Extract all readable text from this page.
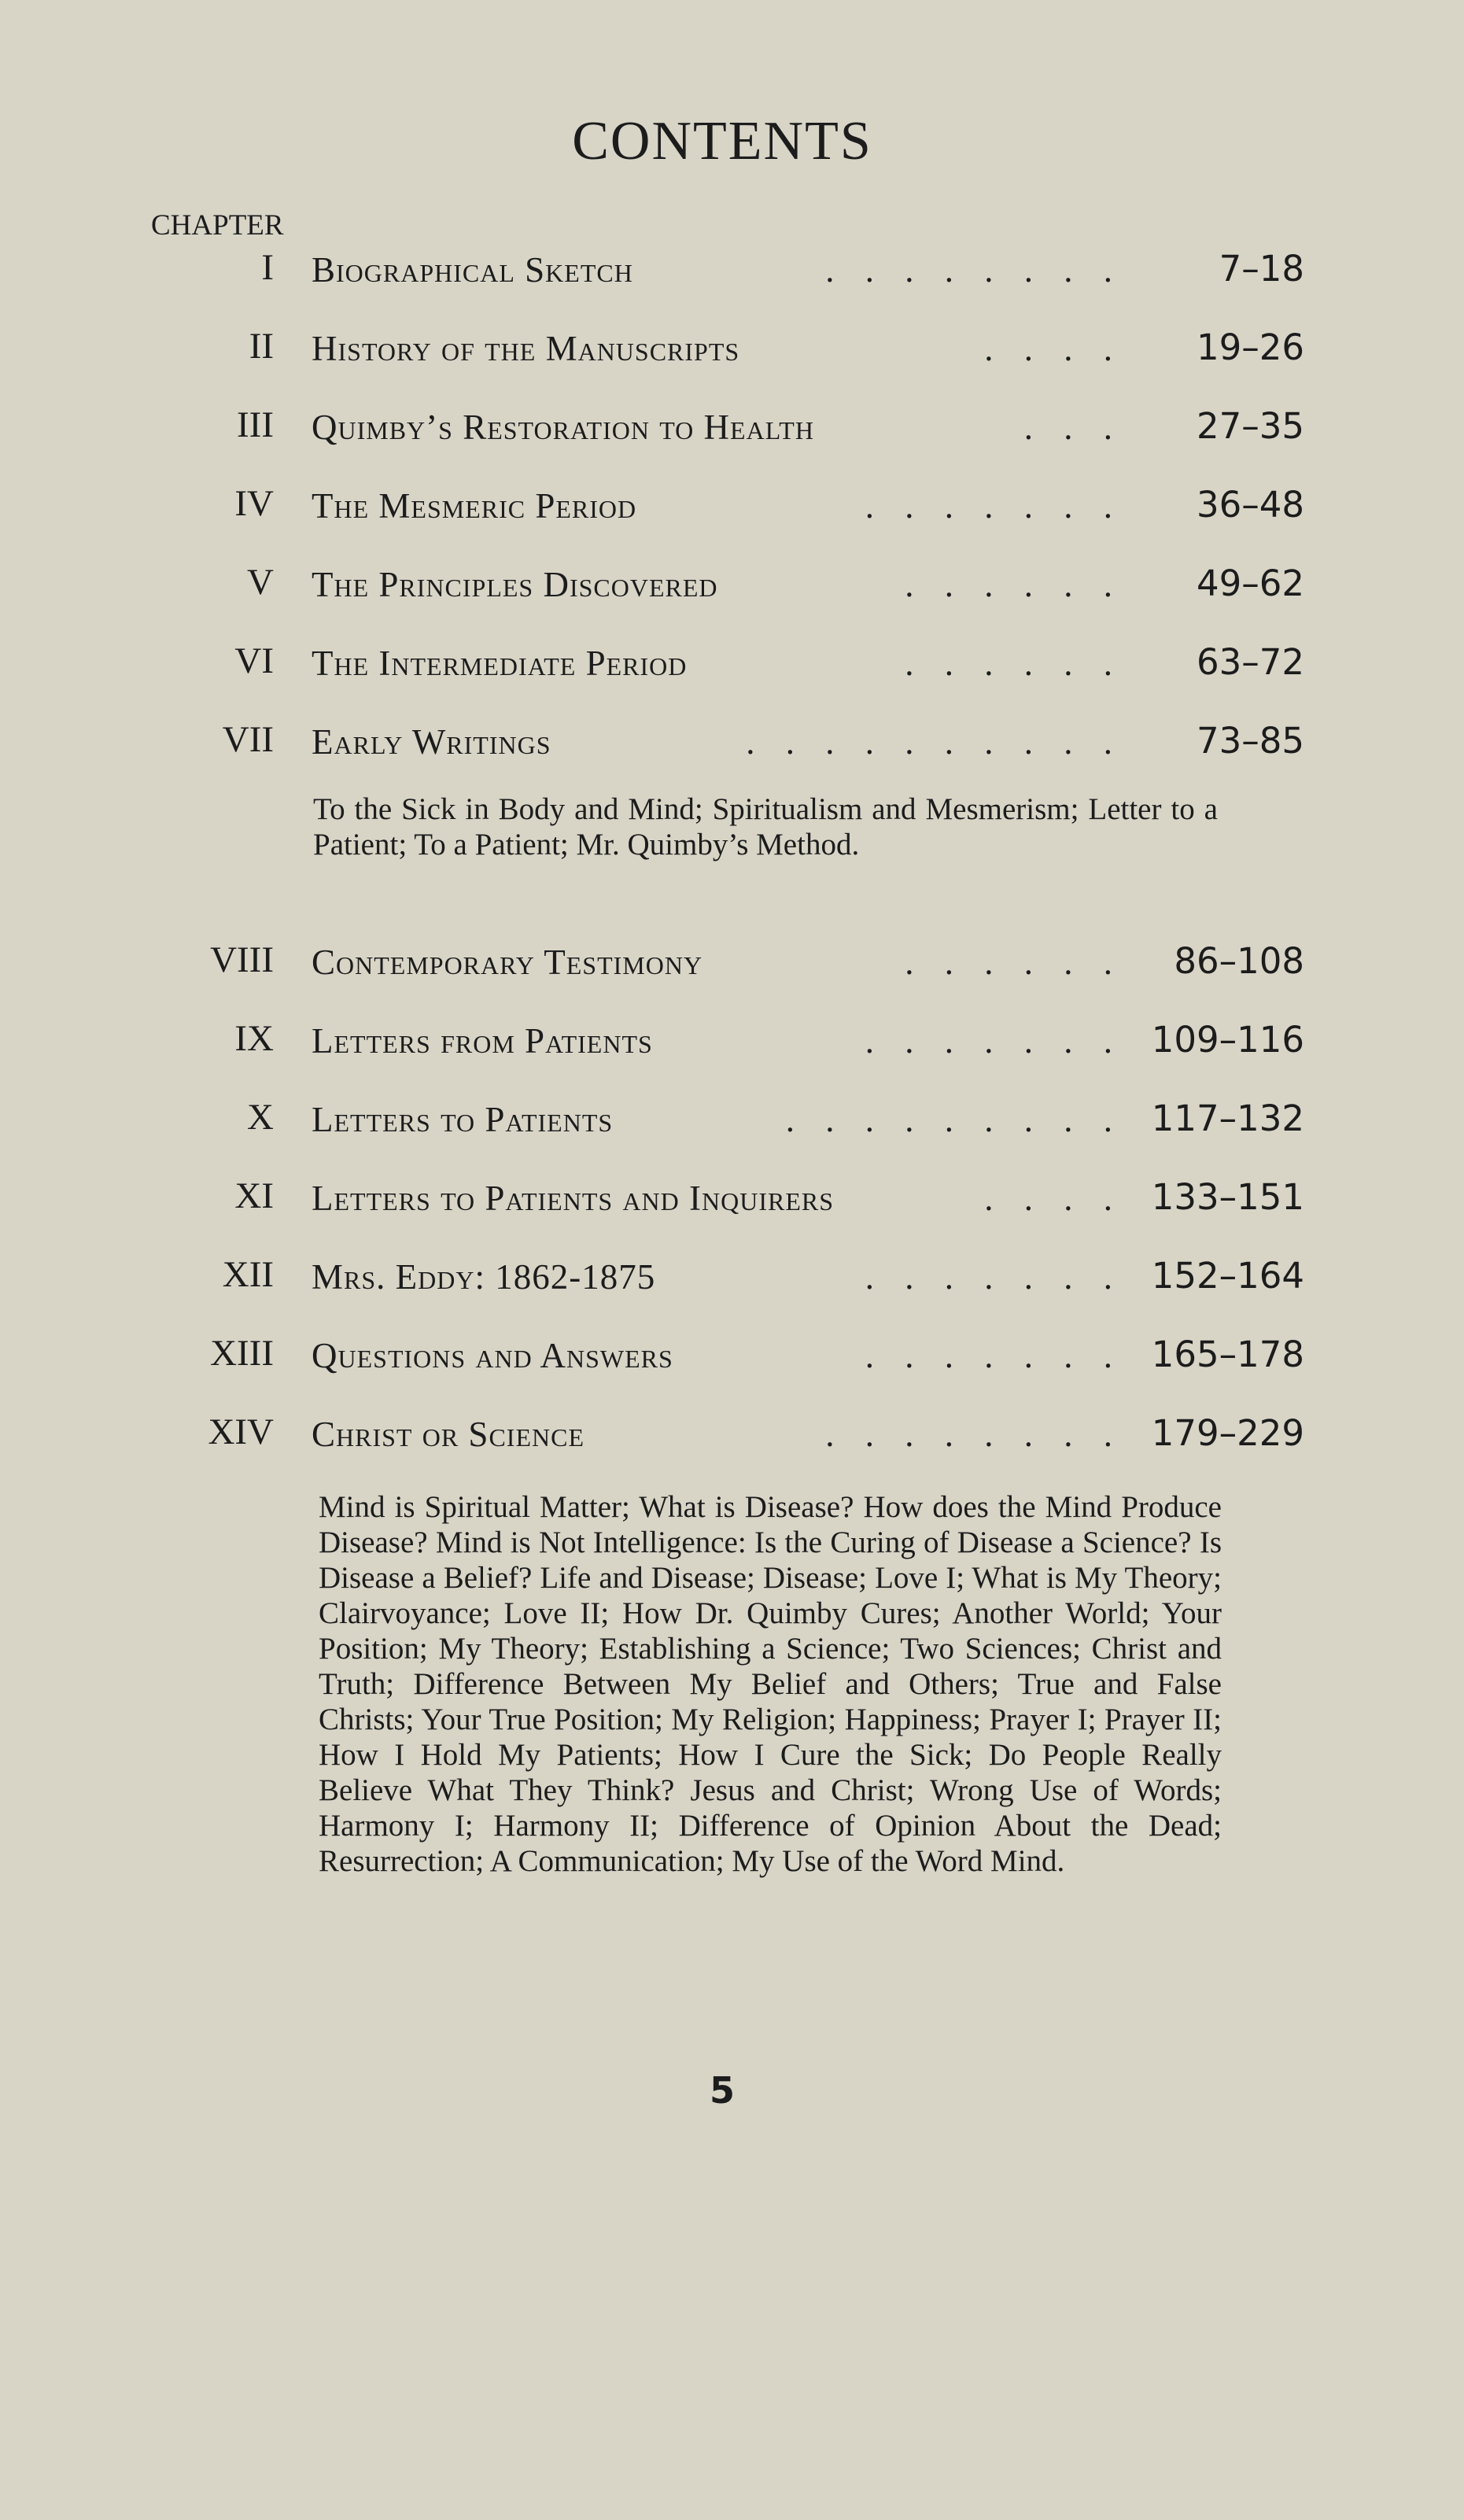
CONTENTS
CHAPTER
I Biographical Sketch	. . . . . . . .	7–18
II History of the Manuscripts	. . . . 19–26
III Quimby’s Restoration to Health	. . . 27–35
IV The Mesmeric Period	. . . . . . . 36–48
V The Principles Discovered	. . . . . . 49–62
VI The Intermediate Period	. . . . . . 63–72
VII Early Writings	. . . . . . . . . . 73–85
To the Sick in Body and Mind; Spiritualism and Mesmerism; Letter to a Patient; To a Patient; Mr. Quimby’s Method.
VIII Contemporary Testimony	. . . . . . 86–108
IX Letters from Patients	. . . . . . . 109–116
X Letters to Patients	. . . . . . . . . 117–132
XI Letters to Patients and Inquirers	. . . . 133–151
XII Mrs. Eddy: 1862-1875	. . . . . . . 152–164
XIII Questions and Answers	. . . . . . . 165–178
XIV Christ or Science	. . . . . . . . 179–229
Mind is Spiritual Matter; What is Disease? How does the Mind Produce Disease? Mind is Not Intelligence: Is the Curing of Disease a Science? Is Disease a Belief? Life and Disease; Disease; Love I; What is My Theory; Clairvoyance; Love II; How Dr. Quimby Cures; Another World; Your Position; My Theory; Establishing a Science; Two Sciences; Christ and Truth; Difference Between My Belief and Others; True and False Christs; Your True Position; My Religion; Happiness; Prayer I; Prayer II; How I Hold My Patients; How I Cure the Sick; Do People Really Believe What They Think? Jesus and Christ; Wrong Use of Words; Harmony I; Harmony II; Difference of Opinion About the Dead; Resurrection; A Communication; My Use of the Word Mind.
5
